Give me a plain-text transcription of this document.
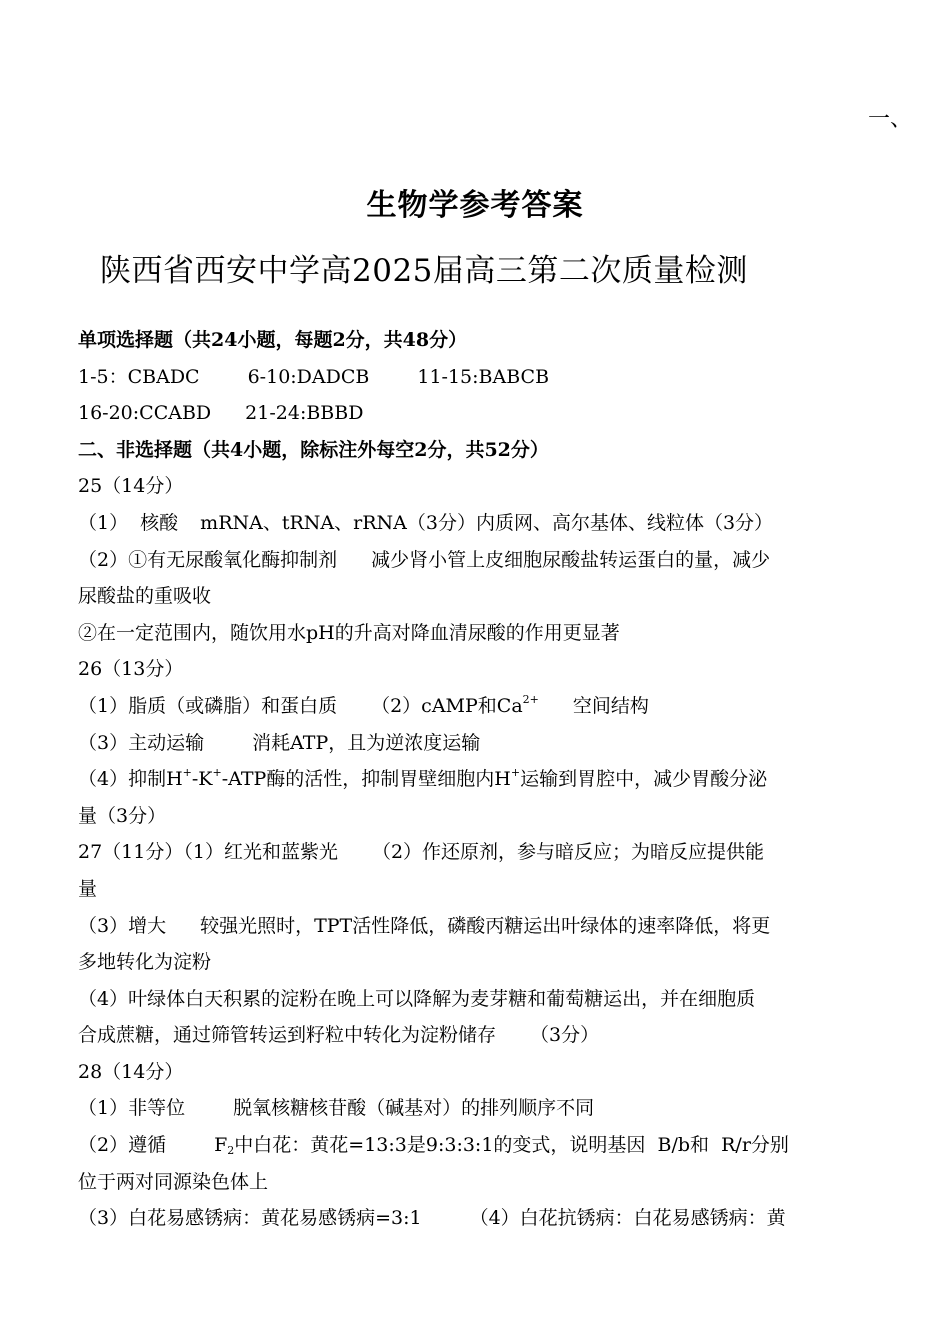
一、
生物学参考答案
陕西省西安中学高2025届高三第二次质量检测
单项选择题（共24小题，每题2分，共48分）
1-5：CBADC	6-10:DADCB	11-15:BABCB
16-20:CCABD 21-24:BBBD
二、非选择题（共4小题，除标注外每空2分，共52分）
25（14分）
（1）  核酸 mRNA、tRNA、rRNA（3分）内质网、高尔基体、线粒体（3分）
（2）①有无尿酸氧化酶抑制剂 减少肾小管上皮细胞尿酸盐转运蛋白的量，减少
尿酸盐的重吸收
②在一定范围内，随饮用水pH的升高对降血清尿酸的作用更显著
26（13分）
（1）脂质（或磷脂）和蛋白质 （2）cAMP和$Ca^{2+}$ 空间结构
（3）主动运输	消耗ATP，且为逆浓度运输
（4）抑制H+-K+-ATP酶的活性，抑制胃壁细胞内H+运输到胃腔中，减少胃酸分泌
量（3分）
27（11分）（1）红光和蓝紫光 （2）作还原剂，参与暗反应；为暗反应提供能
量
（3）增大 较强光照时，TPT活性降低，磷酸丙糖运出叶绿体的速率降低，将更
多地转化为淀粉
（4）叶绿体白天积累的淀粉在晚上可以降解为麦芽糖和葡萄糖运出，并在细胞质
合成蔗糖，通过筛管转运到籽粒中转化为淀粉储存 （3分）
28（14分）
（1）非等位	脱氧核糖核苷酸（碱基对）的排列顺序不同
（2）遵循	$F_2$中白花：黄花=13:3是9:3:3:1的变式，说明基因  B/b和  R/r分别
位于两对同源染色体上
（3）白花易感锈病：黄花易感锈病=3:1	（4）白花抗锈病：白花易感锈病：黄
